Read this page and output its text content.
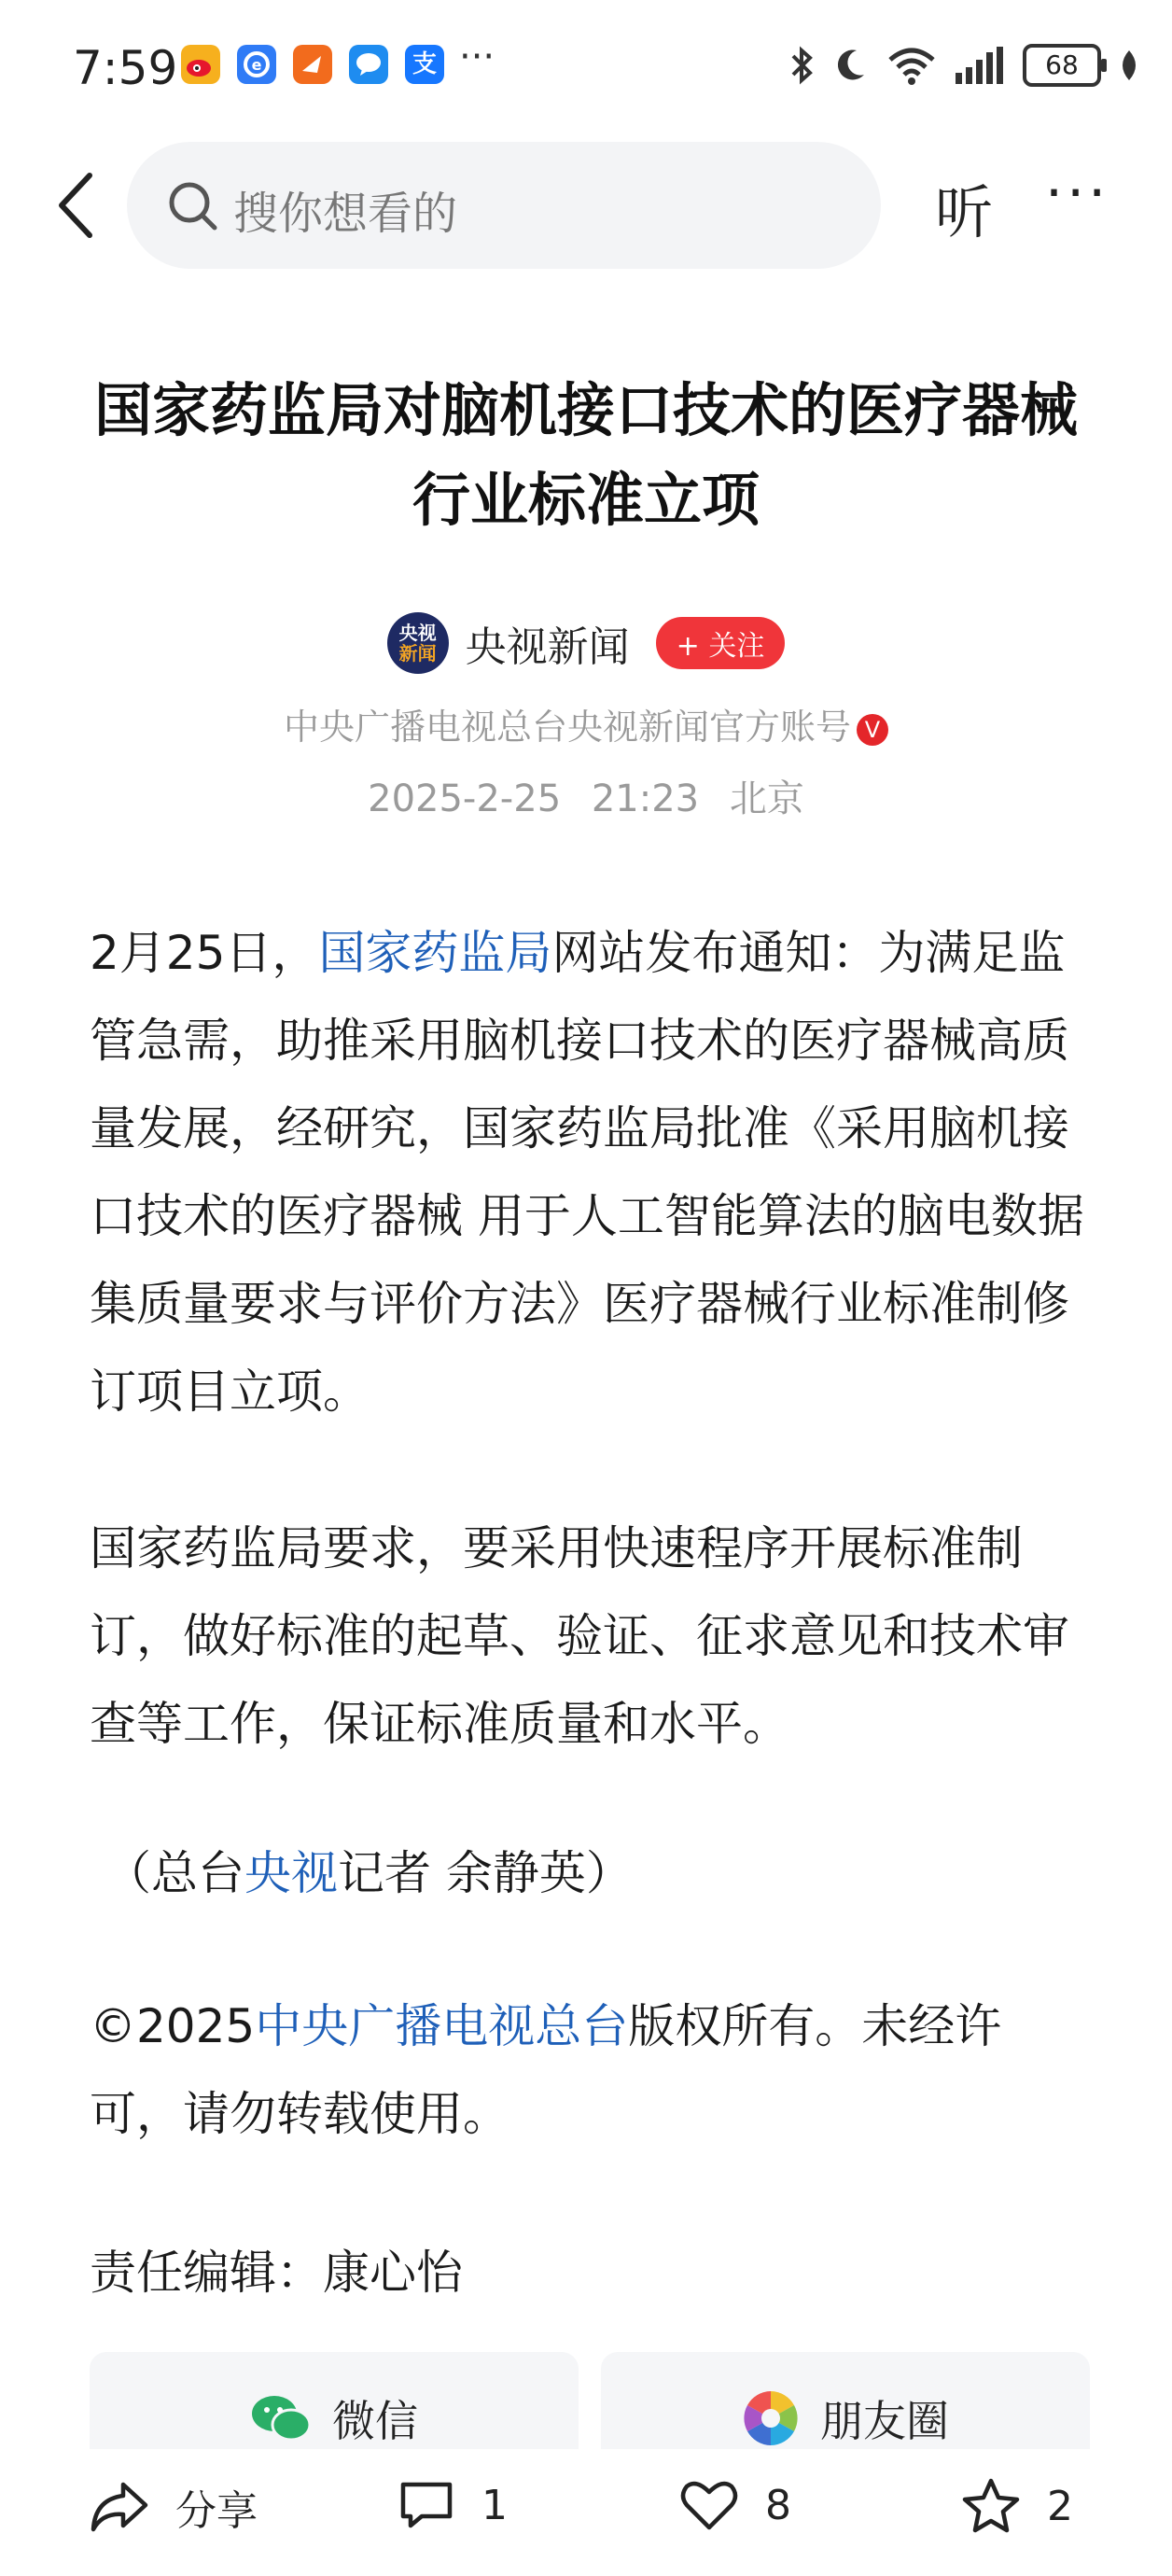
7:59	e	支 ···	68
搜你想看的	听 ···
国家药监局对脑机接口技术的医疗器械行业标准立项
央视
新闻 央视新闻	+ 关注
中央广播电视总台央视新闻官方账号 V
2025-2-25 21:23 北京
2月25日，国家药监局网站发布通知：为满足监管急需，助推采用脑机接口技术的医疗器械高质量发展，经研究，国家药监局批准《采用脑机接口技术的医疗器械 用于人工智能算法的脑电数据集质量要求与评价方法》医疗器械行业标准制修订项目立项。
国家药监局要求，要采用快速程序开展标准制订，做好标准的起草、验证、征求意见和技术审查等工作，保证标准质量和水平。
（总台央视记者 余静英）
©2025中央广播电视总台版权所有。未经许可，请勿转载使用。
责任编辑：康心怡
微信	朋友圈
分享	1	8	2
